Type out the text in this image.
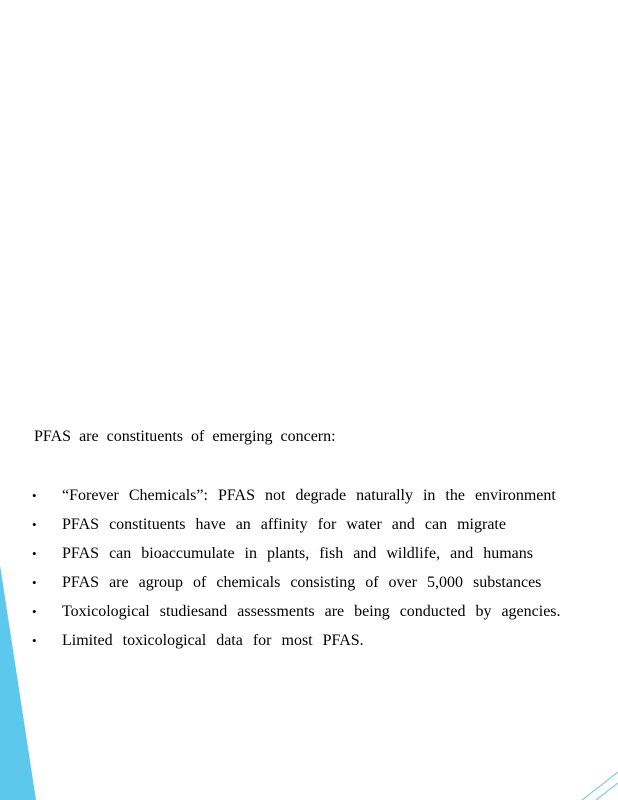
PFAS are constituents of emerging concern:
• “Forever Chemicals”: PFAS not degrade naturally in the environment
• PFAS constituents have an affinity for water and can migrate
• PFAS can bioaccumulate in plants, fish and wildlife, and humans
• PFAS are agroup of chemicals consisting of over 5,000 substances
• Toxicological studiesand assessments are being conducted by agencies.
• Limited toxicological data for most PFAS.
